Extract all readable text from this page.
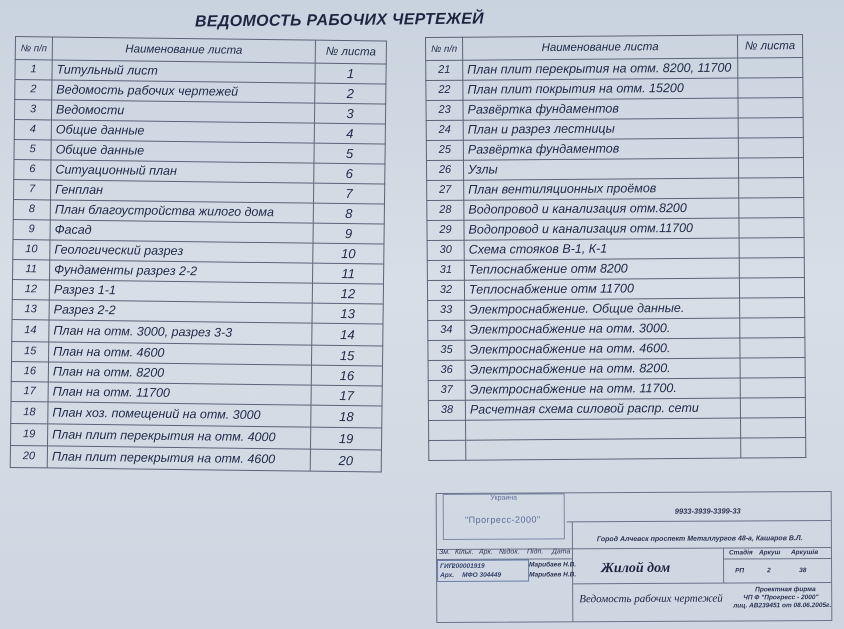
ВЕДОМОСТЬ РАБОЧИХ ЧЕРТЕЖЕЙ
№ п/п	Наименование листа	№ листа
1	Титульный лист	1
2	Ведомость рабочих чертежей	2
3	Ведомости	3
4	Общие данные	4
5	Общие данные	5
6	Ситуационный план	6
7	Генплан	7
8	План благоустройства жилого дома	8
9	Фасад	9
10	Геологический разрез	10
11	Фундаменты разрез 2-2	11
12	Разрез 1-1	12
13	Разрез 2-2	13
14	План на отм. 3000, разрез 3-3	14
15	План на отм. 4600	15
16	План на отм. 8200	16
17	План на отм. 11700	17
18	План хоз. помещений на отм. 3000	18
19	План плит перекрытия на отм. 4000	19
20	План плит перекрытия на отм. 4600	20
№ п/п	Наименование листа	№ листа
21	План плит перекрытия на отм. 8200, 11700	
22	План плит покрытия на отм. 15200	
23	Развёртка фундаментов	
24	План и разрез лестницы	
25	Развёртка фундаментов	
26	Узлы	
27	План вентиляционных проёмов	
28	Водопровод и канализация отм.8200	
29	Водопровод и канализация отм.11700	
30	Схема стояков В-1, К-1	
31	Теплоснабжение отм 8200	
32	Теплоснабжение отм 11700	
33	Электроснабжение. Общие данные.	
34	Электроснабжение на отм. 3000.	
35	Электроснабжение на отм. 4600.	
36	Электроснабжение на отм. 8200.	
37	Электроснабжение на отм. 11700.	
38	Расчетная схема силовой распр. сети	

Украина
"Прогресс-2000"
9933-3939-3399-33
Город Алчевск проспект Металлургов 48-а, Кашаров В.Л.
Зм. Кільк. Арк. №док. Підп. Дата
ГИП
200001919
Арх. МФО 304449
Марибаев Н.В.
Марибаев Н.В. Жилой дом
Ведомость рабочих чертежей
Стадія Аркуш Аркушів
РП	2	38
Проектная фирма
ЧП Ф "Прогресс - 2000"
лиц. АВ239451 от 08.06.2005г.
